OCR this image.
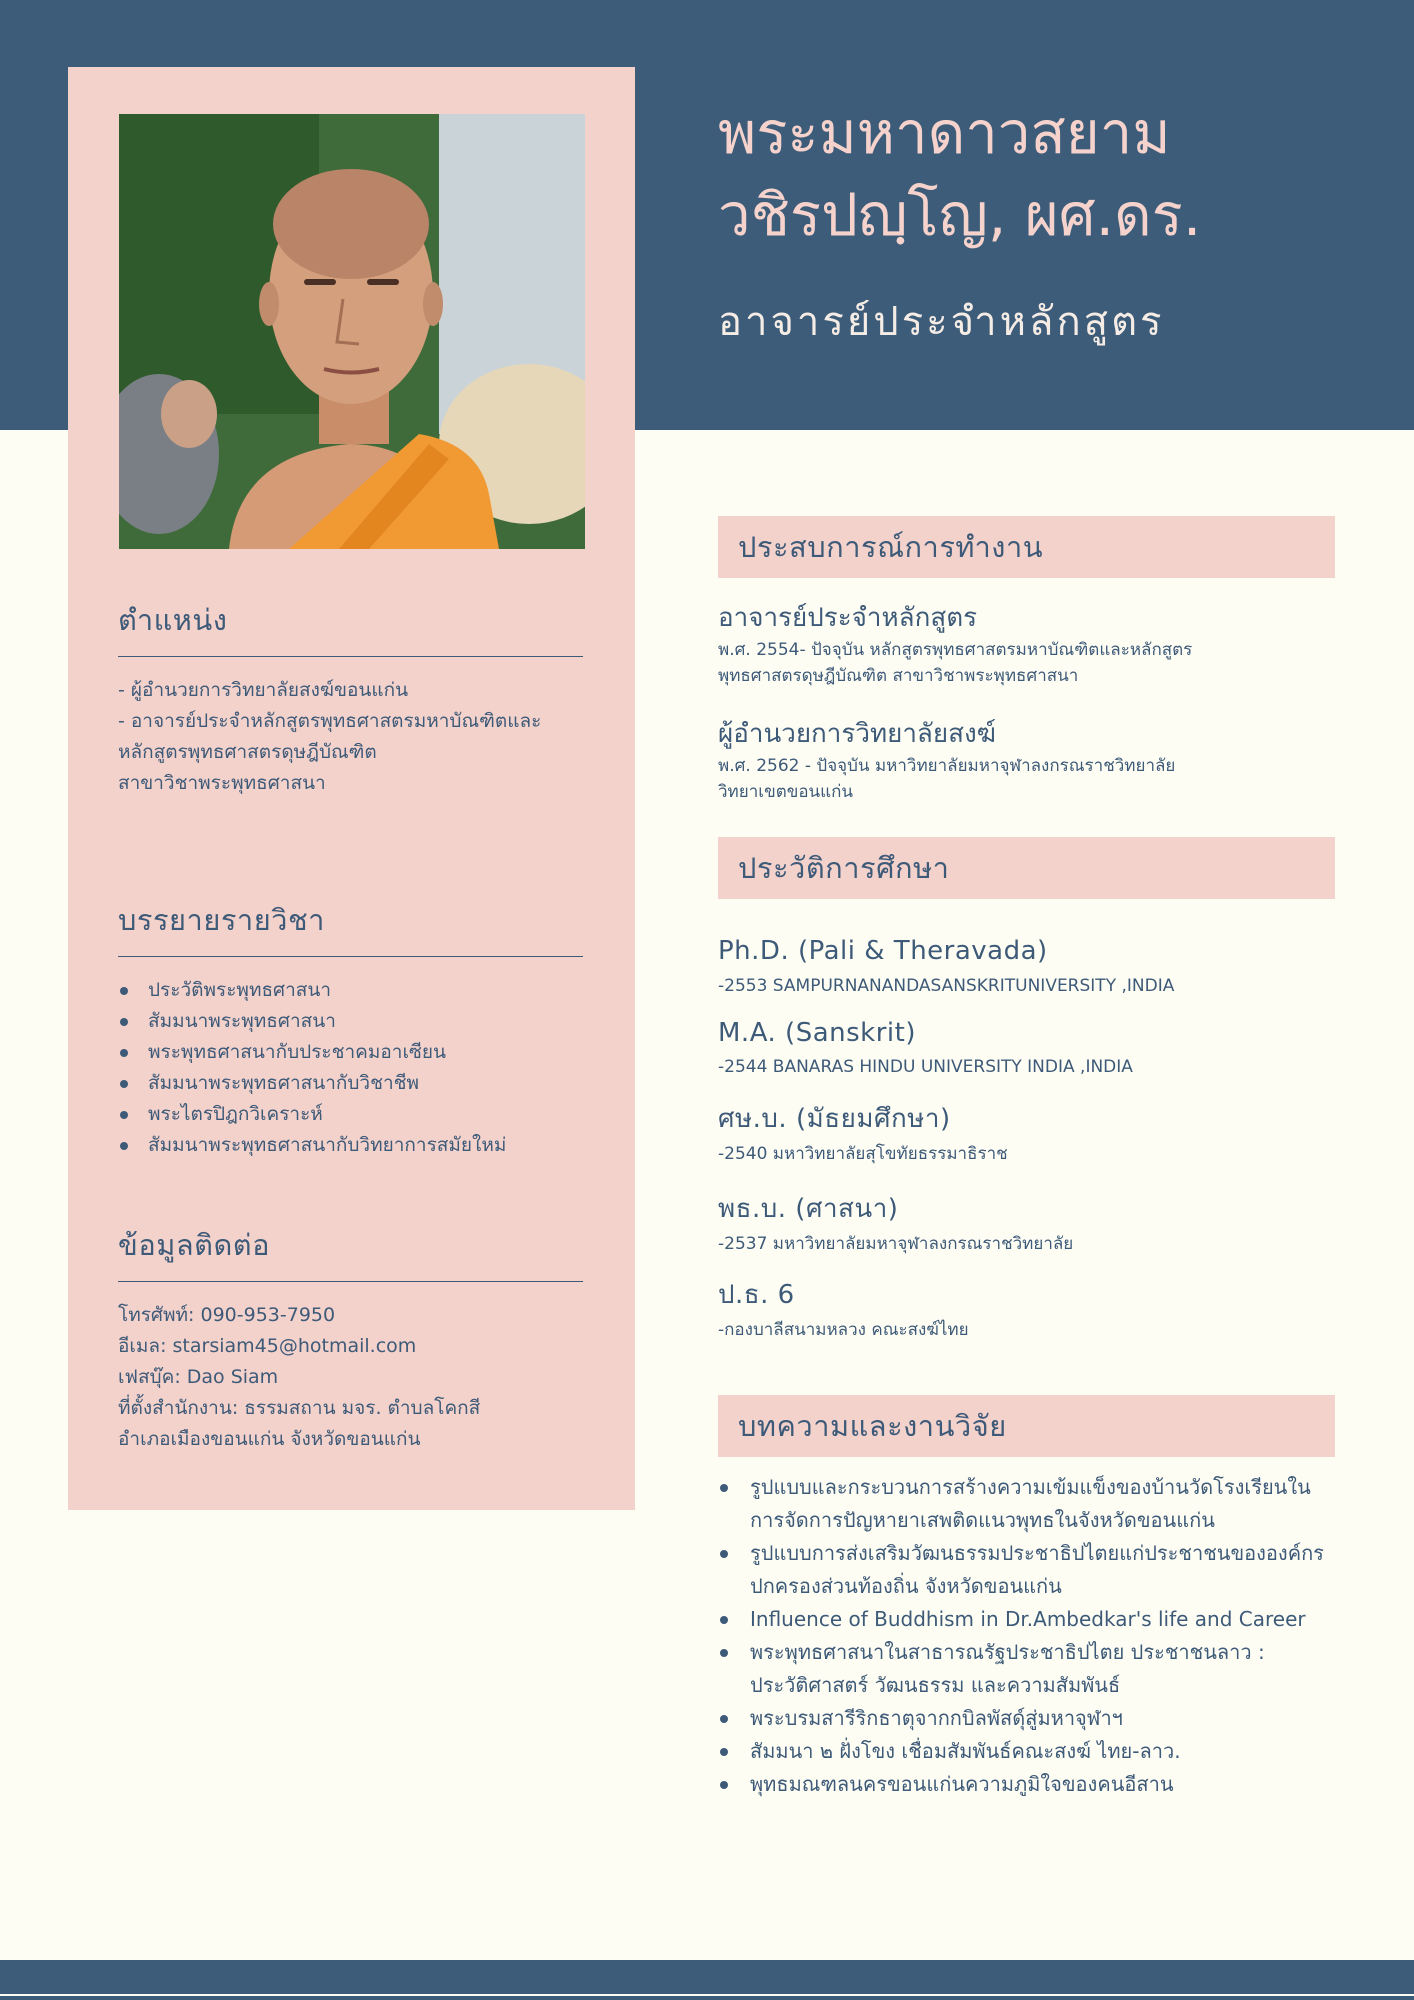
ตำแหน่ง
- ผู้อำนวยการวิทยาลัยสงฆ์ขอนแก่น
- อาจารย์ประจำหลักสูตรพุทธศาสตรมหาบัณฑิตและ
หลักสูตรพุทธศาสตรดุษฎีบัณฑิต
สาขาวิชาพระพุทธศาสนา
บรรยายรายวิชา
ประวัติพระพุทธศาสนา
สัมมนาพระพุทธศาสนา
พระพุทธศาสนากับประชาคมอาเซียน
สัมมนาพระพุทธศาสนากับวิชาชีพ
พระไตรปิฎกวิเคราะห์
สัมมนาพระพุทธศาสนากับวิทยาการสมัยใหม่
ข้อมูลติดต่อ
โทรศัพท์: 090-953-7950
อีเมล: starsiam45@hotmail.com
เฟสบุ๊ค: Dao Siam
ที่ตั้งสำนักงาน: ธรรมสถาน มจร. ตำบลโคกสี
อำเภอเมืองขอนแก่น จังหวัดขอนแก่น
พระมหาดาวสยาม
วชิรปญฺโญ, ผศ.ดร.
อาจารย์ประจำหลักสูตร
ประสบการณ์การทำงาน
อาจารย์ประจำหลักสูตร
พ.ศ. 2554- ปัจจุบัน หลักสูตรพุทธศาสตรมหาบัณฑิตและหลักสูตร
พุทธศาสตรดุษฎีบัณฑิต สาขาวิชาพระพุทธศาสนา
ผู้อำนวยการวิทยาลัยสงฆ์
พ.ศ. 2562 - ปัจจุบัน มหาวิทยาลัยมหาจุฬาลงกรณราชวิทยาลัย
วิทยาเขตขอนแก่น
ประวัติการศึกษา
Ph.D. (Pali & Theravada)
-2553 SAMPURNANANDASANSKRITUNIVERSITY ,INDIA
M.A. (Sanskrit)
-2544 BANARAS HINDU UNIVERSITY INDIA ,INDIA
ศษ.บ. (มัธยมศึกษา)
-2540 มหาวิทยาลัยสุโขทัยธรรมาธิราช
พธ.บ. (ศาสนา)
-2537 มหาวิทยาลัยมหาจุฬาลงกรณราชวิทยาลัย
ป.ธ. 6
-กองบาลีสนามหลวง คณะสงฆ์ไทย
บทความและงานวิจัย
รูปแบบและกระบวนการสร้างความเข้มแข็งของบ้านวัดโรงเรียนในการจัดการปัญหายาเสพติดแนวพุทธในจังหวัดขอนแก่น
รูปแบบการส่งเสริมวัฒนธรรมประชาธิปไตยแก่ประชาชนขององค์กรปกครองส่วนท้องถิ่น จังหวัดขอนแก่น
Influence of Buddhism in Dr.Ambedkar's life and Career
พระพุทธศาสนาในสาธารณรัฐประชาธิปไตย ประชาชนลาว : ประวัติศาสตร์ วัฒนธรรม และความสัมพันธ์
พระบรมสารีริกธาตุจากกบิลพัสดุ์สู่มหาจุฬาฯ
สัมมนา ๒ ฝั่งโขง เชื่อมสัมพันธ์คณะสงฆ์ ไทย-ลาว.
พุทธมณฑลนครขอนแก่นความภูมิใจของคนอีสาน
